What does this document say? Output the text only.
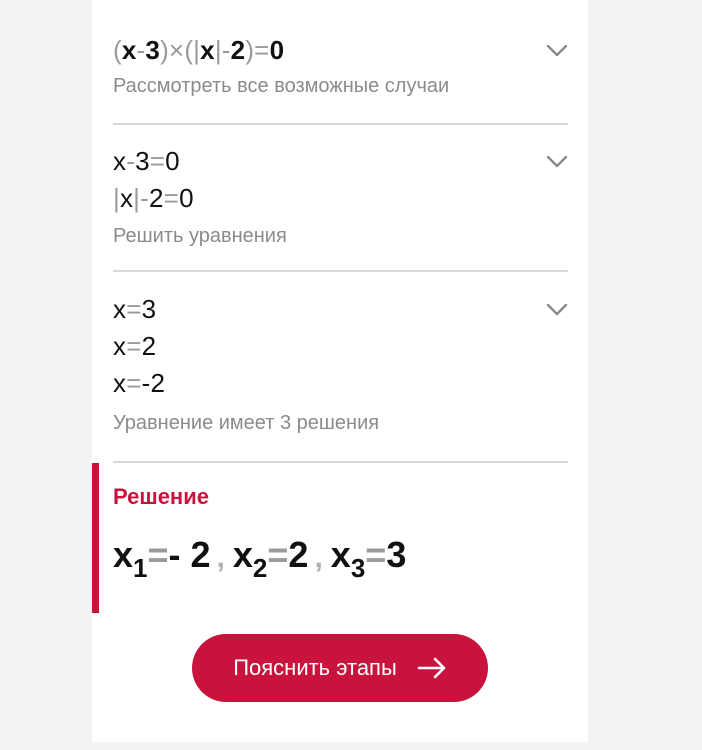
(x-3)×(|x|-2)=0
Рассмотреть все возможные случаи
x-3=0
|x|-2=0
Решить уравнения
x=3
x=2
x=-2
Уравнение имеет 3 решения
Решение
$x_1=-$ 2 , $x_2=2$ , $x_3=3$
Пояснить этапы
